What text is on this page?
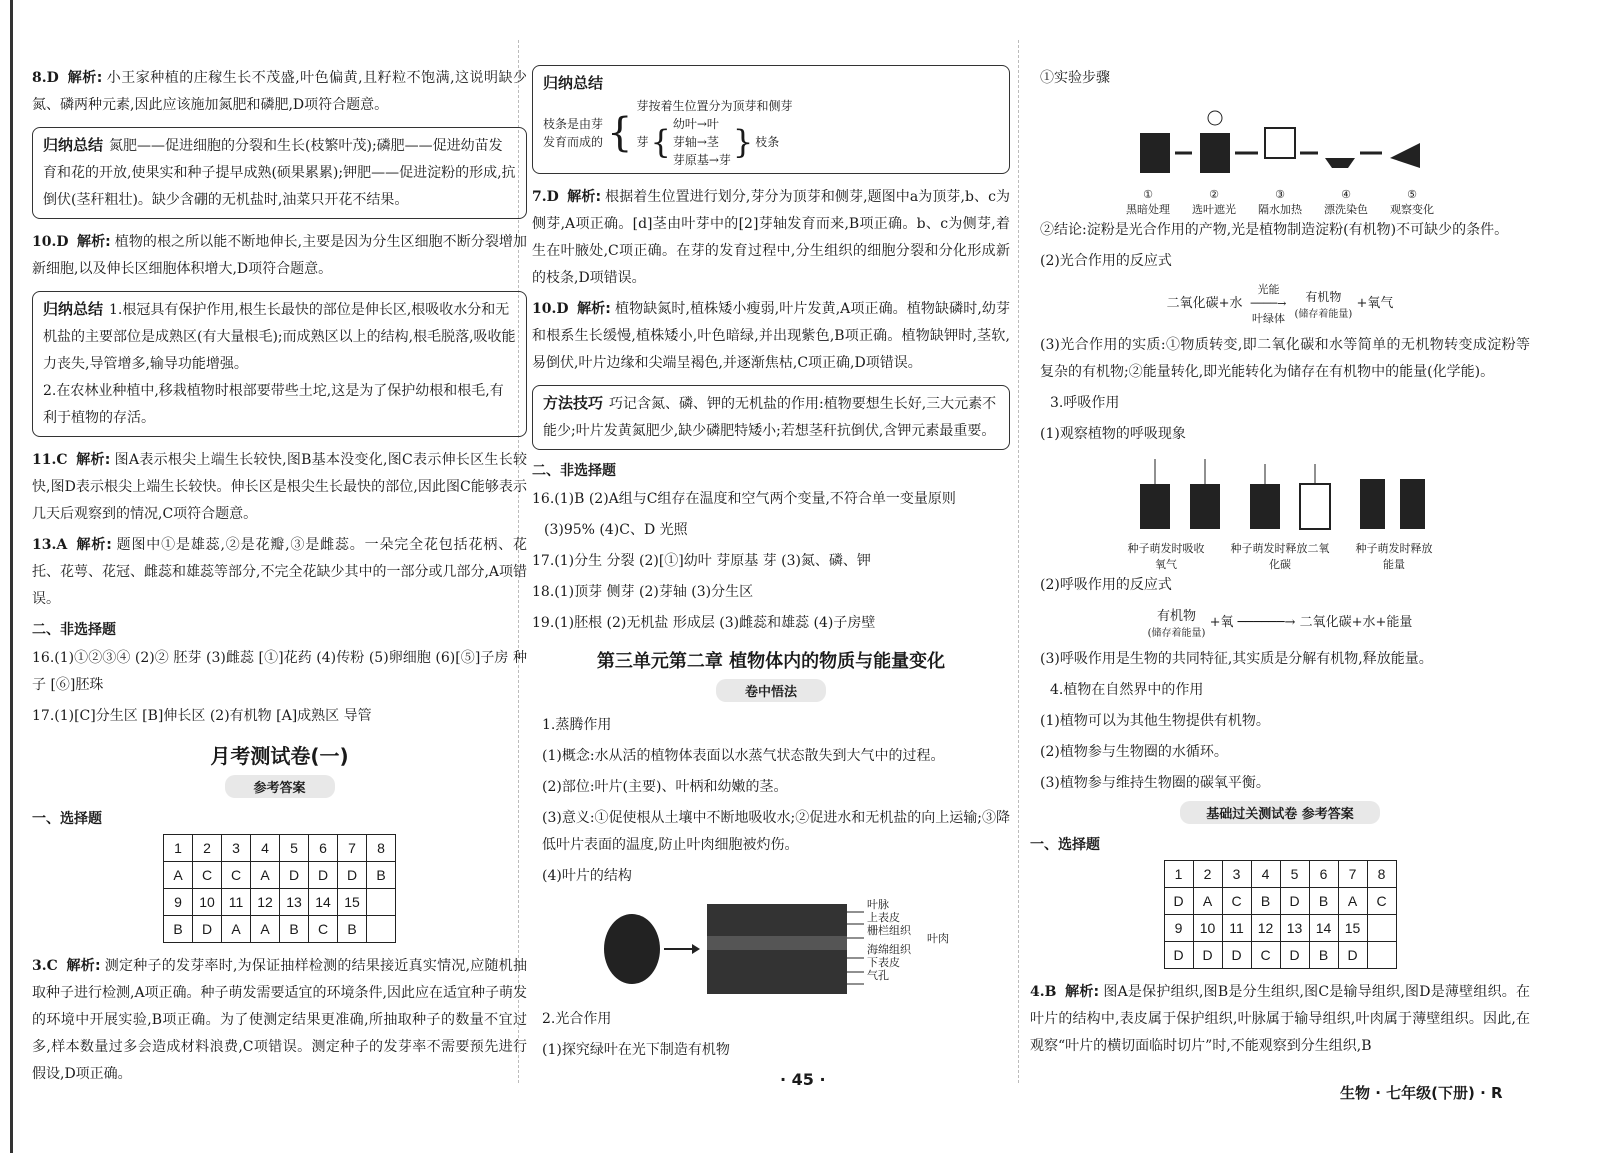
8.D 解析: 小王家种植的庄稼生长不茂盛,叶色偏黄,且籽粒不饱满,这说明缺少氮、磷两种元素,因此应该施加氮肥和磷肥,D项符合题意。

归纳总结 氮肥——促进细胞的分裂和生长(枝繁叶茂);磷肥——促进幼苗发育和花的开放,使果实和种子提早成熟(硕果累累);钾肥——促进淀粉的形成,抗倒伏(茎秆粗壮)。缺少含硼的无机盐时,油菜只开花不结果。

10.D 解析: 植物的根之所以能不断地伸长,主要是因为分生区细胞不断分裂增加新细胞,以及伸长区细胞体积增大,D项符合题意。

归纳总结 1.根冠具有保护作用,根生长最快的部位是伸长区,根吸收水分和无机盐的主要部位是成熟区(有大量根毛);而成熟区以上的结构,根毛脱落,吸收能力丧失,导管增多,输导功能增强。
2.在农林业种植中,移栽植物时根部要带些土坨,这是为了保护幼根和根毛,有利于植物的存活。

11.C 解析: 图A表示根尖上端生长较快,图B基本没变化,图C表示伸长区生长较快,图D表示根尖上端生长较快。伸长区是根尖生长最快的部位,因此图C能够表示几天后观察到的情况,C项符合题意。

13.A 解析: 题图中①是雄蕊,②是花瓣,③是雌蕊。一朵完全花包括花柄、花托、花萼、花冠、雌蕊和雄蕊等部分,不完全花缺少其中的一部分或几部分,A项错误。

二、非选择题

16.(1)①②③④ (2)② 胚芽 (3)雌蕊 [①]花药 (4)传粉 (5)卵细胞 (6)[⑤]子房 种子 [⑥]胚珠

17.(1)[C]分生区 [B]伸长区 (2)有机物 [A]成熟区 导管

月考测试卷(一)
参考答案
一、选择题
1	2	3	4	5	6	7	8
A	C	C	A	D	D	D	B
9	10	11	12	13	14	15	
B	D	A	A	B	C	B	

3.C 解析: 测定种子的发芽率时,为保证抽样检测的结果接近真实情况,应随机抽取种子进行检测,A项正确。种子萌发需要适宜的环境条件,因此应在适宜种子萌发的环境中开展实验,B项正确。为了使测定结果更准确,所抽取种子的数量不宜过多,样本数量过多会造成材料浪费,C项错误。测定种子的发芽率不需要预先进行假设,D项正确。

归纳总结
枝条是由芽
发育而成的 {
芽按着生位置分为顶芽和侧芽
芽 { 幼叶→叶
芽轴→茎
芽原基→芽 } 枝条

7.D 解析: 根据着生位置进行划分,芽分为顶芽和侧芽,题图中a为顶芽,b、c为侧芽,A项正确。[d]茎由叶芽中的[2]芽轴发育而来,B项正确。b、c为侧芽,着生在叶腋处,C项正确。在芽的发育过程中,分生组织的细胞分裂和分化形成新的枝条,D项错误。

10.D 解析: 植物缺氮时,植株矮小瘦弱,叶片发黄,A项正确。植物缺磷时,幼芽和根系生长缓慢,植株矮小,叶色暗绿,并出现紫色,B项正确。植物缺钾时,茎软,易倒伏,叶片边缘和尖端呈褐色,并逐渐焦枯,C项正确,D项错误。

方法技巧 巧记含氮、磷、钾的无机盐的作用:植物要想生长好,三大元素不能少;叶片发黄氮肥少,缺少磷肥特矮小;若想茎秆抗倒伏,含钾元素最重要。
二、非选择题

16.(1)B (2)A组与C组存在温度和空气两个变量,不符合单一变量原则

(3)95% (4)C、D 光照

17.(1)分生 分裂 (2)[①]幼叶 芽原基 芽 (3)氮、磷、钾

18.(1)顶芽 侧芽 (2)芽轴 (3)分生区

19.(1)胚根 (2)无机盐 形成层 (3)雌蕊和雄蕊 (4)子房壁

第三单元第二章 植物体内的物质与能量变化
卷中悟法

1.蒸腾作用

(1)概念:水从活的植物体表面以水蒸气状态散失到大气中的过程。

(2)部位:叶片(主要)、叶柄和幼嫩的茎。

(3)意义:①促使根从土壤中不断地吸收水;②促进水和无机盐的向上运输;③降低叶片表面的温度,防止叶肉细胞被灼伤。

(4)叶片的结构

叶脉
上表皮
栅栏组织
海绵组织
下表皮
气孔
叶肉

2.光合作用

(1)探究绿叶在光下制造有机物

①实验步骤

①
黑暗处理
②
选叶遮光
③
隔水加热
④
漂洗染色
⑤
观察变化

②结论:淀粉是光合作用的产物,光是植物制造淀粉(有机物)不可缺少的条件。

(2)光合作用的反应式

二氧化碳+水 光能
────→
叶绿体 有机物
(储存着能量) +氧气

(3)光合作用的实质:①物质转变,即二氧化碳和水等简单的无机物转变成淀粉等复杂的有机物;②能量转化,即光能转化为储存在有机物中的能量(化学能)。

3.呼吸作用

(1)观察植物的呼吸现象

种子萌发时吸收氧气
种子萌发时释放二氧化碳
种子萌发时释放能量

(2)呼吸作用的反应式

有机物
(储存着能量) +氧 ──────→ 二氧化碳+水+能量

(3)呼吸作用是生物的共同特征,其实质是分解有机物,释放能量。

4.植物在自然界中的作用

(1)植物可以为其他生物提供有机物。

(2)植物参与生物圈的水循环。

(3)植物参与维持生物圈的碳氧平衡。

基础过关测试卷 参考答案
一、选择题
1	2	3	4	5	6	7	8
D	A	C	B	D	B	A	C
9	10	11	12	13	14	15	
D	D	D	C	D	B	D	

4.B 解析: 图A是保护组织,图B是分生组织,图C是输导组织,图D是薄壁组织。在叶片的结构中,表皮属于保护组织,叶脉属于输导组织,叶肉属于薄壁组织。因此,在观察“叶片的横切面临时切片”时,不能观察到分生组织,B

· 45 ·
生物 · 七年级(下册) · R
